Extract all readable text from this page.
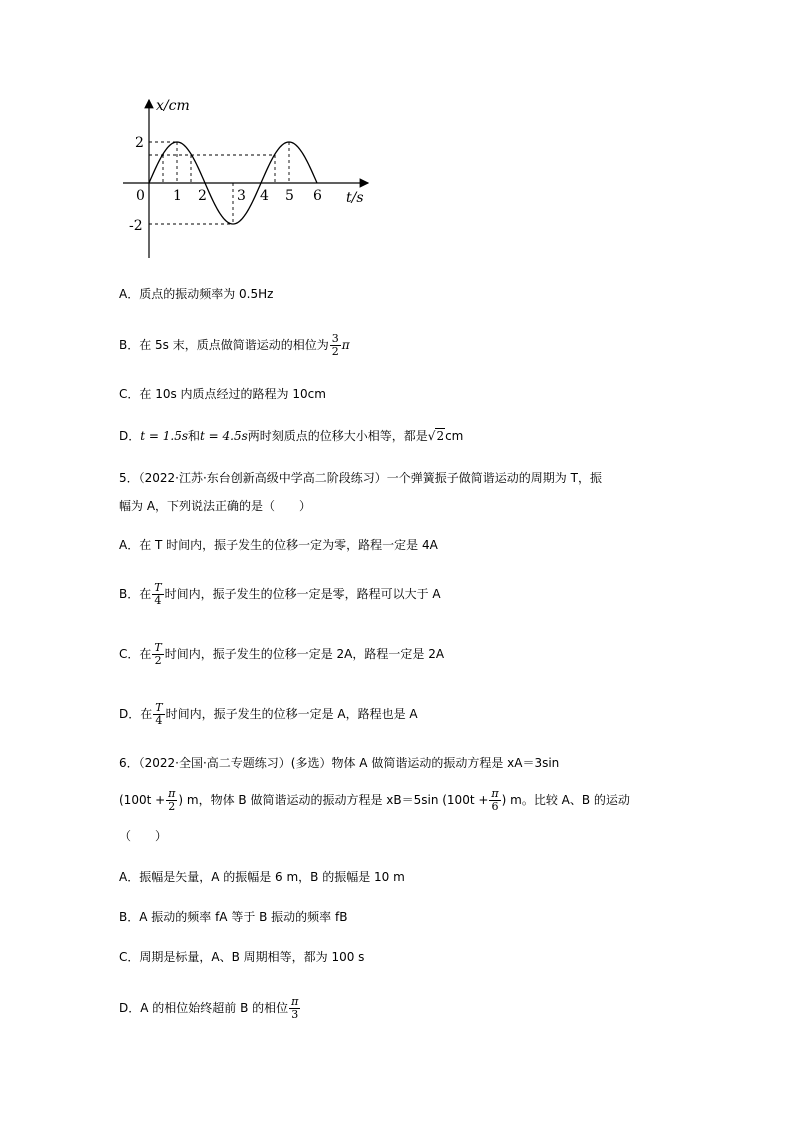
x/cm
t/s
0
2
-2
1 2 3 4 5 6
A．质点的振动频率为 0.5Hz
B．在 5s 末，质点做简谐运动的相位为 $\frac{3}{2}$ π
C．在 10s 内质点经过的路程为 10cm
D．t = 1.5s和t = 4.5s两时刻质点的位移大小相等，都是√2cm
5．（2022·江苏·东台创新高级中学高二阶段练习）一个弹簧振子做简谐运动的周期为 T，振
幅为 A，下列说法正确的是（　　）
A．在 T 时间内，振子发生的位移一定为零，路程一定是 4A
B．在 $\frac{T}{4}$ 时间内，振子发生的位移一定是零，路程可以大于 A
C．在 $\frac{T}{2}$ 时间内，振子发生的位移一定是 2A，路程一定是 2A
D．在 $\frac{T}{4}$ 时间内，振子发生的位移一定是 A，路程也是 A
6．（2022·全国·高二专题练习）(多选）物体 A 做简谐运动的振动方程是 xA＝3sin
($100t + \frac{\pi}{2}$ ) m，物体 B 做简谐运动的振动方程是 xB＝5sin ($100t + \frac{\pi}{6}$ ) m。比较 A、B 的运动
（　　）
A．振幅是矢量，A 的振幅是 6 m，B 的振幅是 10 m
B．A 振动的频率 fA 等于 B 振动的频率 fB
C．周期是标量，A、B 周期相等，都为 100 s
D．A 的相位始终超前 B 的相位 $\frac{\pi}{3}$
